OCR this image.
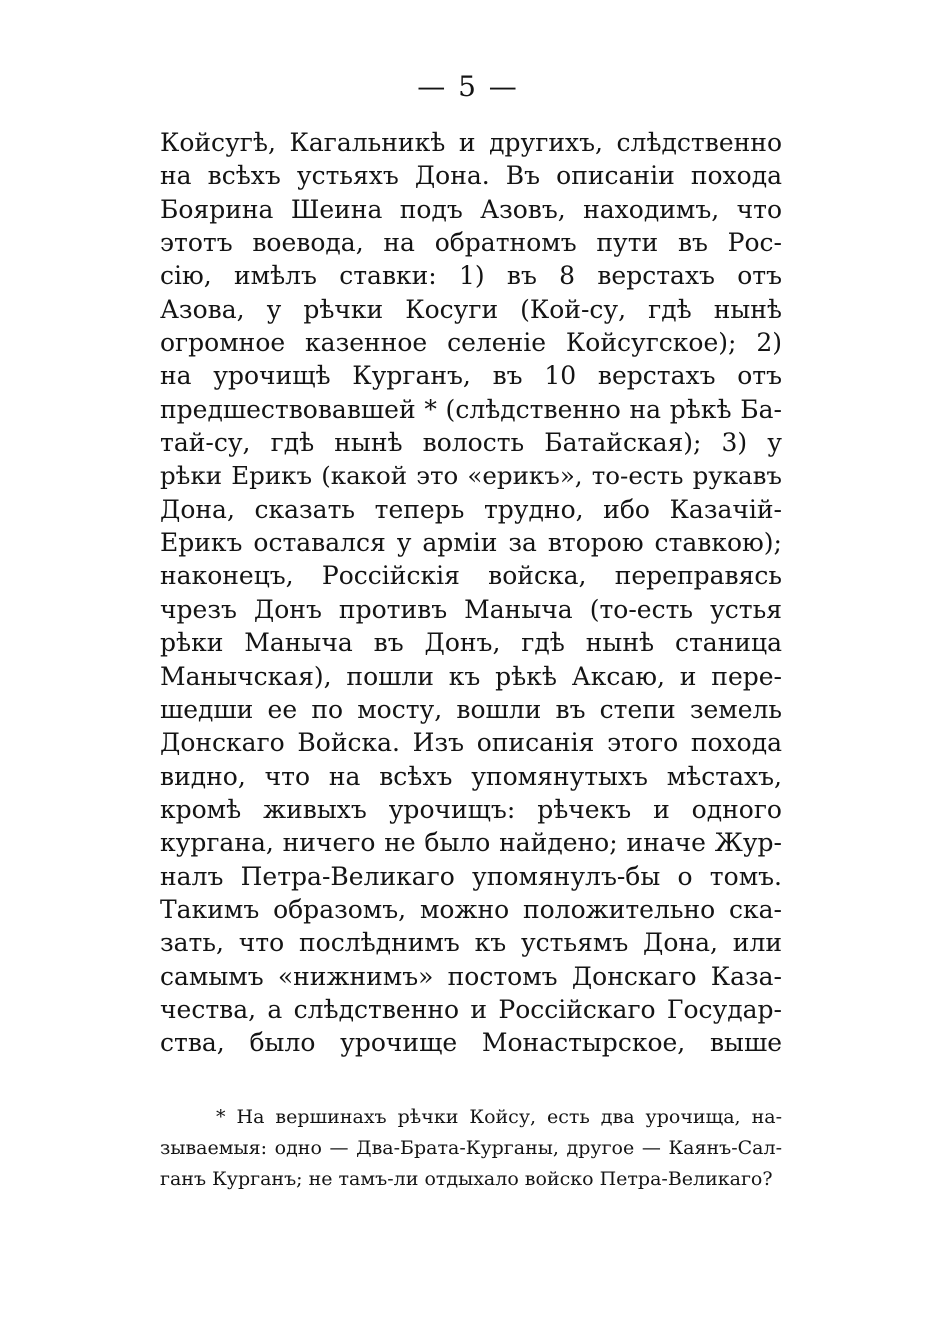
— 5 —
Койсугѣ, Кагальникѣ и другихъ, слѣдственно
на всѣхъ устьяхъ Дона. Въ описаніи похода
Боярина Шеина подъ Азовъ, находимъ, что
этотъ воевода, на обратномъ пути въ Рос-
сію, имѣлъ ставки: 1) въ 8 верстахъ отъ
Азова, у рѣчки Косуги (Кой-су, гдѣ нынѣ
огромное казенное селеніе Койсугское); 2)
на урочищѣ Курганъ, въ 10 верстахъ отъ
предшествовавшей * (слѣдственно на рѣкѣ Ба-
тай-су, гдѣ нынѣ волость Батайская); 3) у
рѣки Ерикъ (какой это «ерикъ», то-есть рукавъ
Дона, сказать теперь трудно, ибо Казачій-
Ерикъ оставался у арміи за вторoю ставкою);
наконецъ, Россійскія войска, переправясь
чрезъ Донъ противъ Маныча (то-есть устья
рѣки Маныча въ Донъ, гдѣ нынѣ станица
Манычская), пошли къ рѣкѣ Аксаю, и пере-
шедши ее по мосту, вошли въ степи земель
Донскаго Войска. Изъ описанія этого похода
видно, что на всѣхъ упомянутыхъ мѣстахъ,
кромѣ живыхъ урочищъ: рѣчекъ и одного
кургана, ничего не было найдено; иначе Жур-
налъ Петра-Великаго упомянулъ-бы о томъ.
Такимъ образомъ, можно положительно ска-
зать, что послѣднимъ къ устьямъ Дона, или
самымъ «нижнимъ» постомъ Донскаго Каза-
чества, а слѣдственно и Россійскаго Государ-
ства, было урочище Монастырское, выше
* На вершинахъ рѣчки Койсу, есть два урочища, на-
зываемыя: одно — Два-Брата-Курганы, другое — Каянъ-Сал-
ганъ Курганъ; не тамъ-ли отдыхало войско Петра-Великаго?
